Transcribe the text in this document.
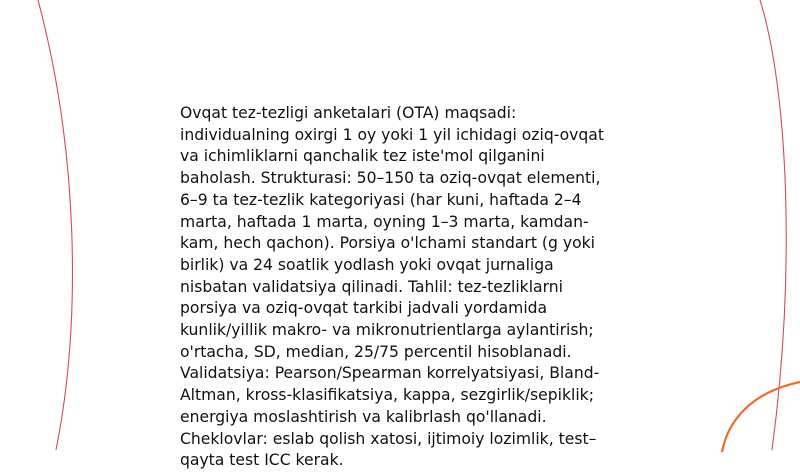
Ovqat tez-tezligi anketalari (OTA) maqsadi:
individualning oxirgi 1 oy yoki 1 yil ichidagi oziq-ovqat
va ichimliklarni qanchalik tez iste'mol qilganini
baholash. Strukturasi: 50–150 ta oziq-ovqat elementi,
6–9 ta tez-tezlik kategoriyasi (har kuni, haftada 2–4
marta, haftada 1 marta, oyning 1–3 marta, kamdan-
kam, hech qachon). Porsiya o'lchami standart (g yoki
birlik) va 24 soatlik yodlash yoki ovqat jurnaliga
nisbatan validatsiya qilinadi. Tahlil: tez-tezliklarni
porsiya va oziq-ovqat tarkibi jadvali yordamida
kunlik/yillik makro- va mikronutrientlarga aylantirish;
o'rtacha, SD, median, 25/75 percentil hisoblanadi.
Validatsiya: Pearson/Spearman korrelyatsiyasi, Bland-
Altman, kross-klasifikatsiya, kappa, sezgirlik/sepiklik;
energiya moslashtirish va kalibrlash qo'llanadi.
Cheklovlar: eslab qolish xatosi, ijtimoiy lozimlik, test–
qayta test ICC kerak.
